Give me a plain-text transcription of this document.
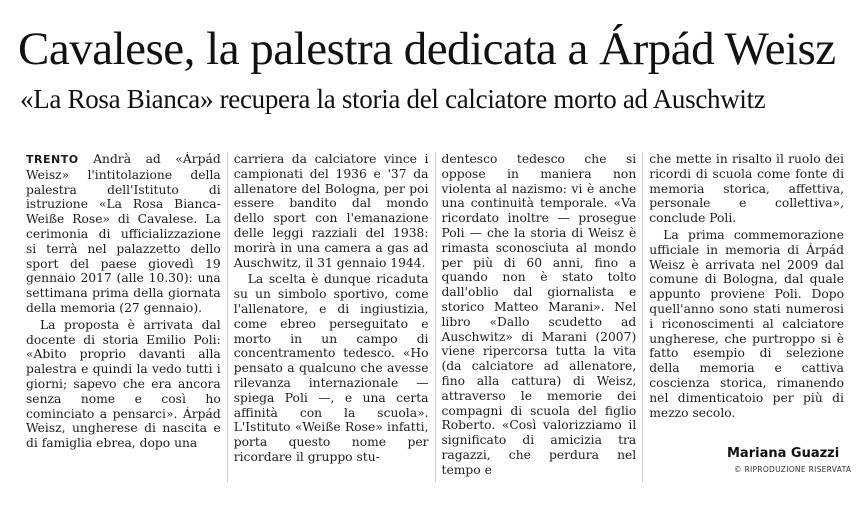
Cavalese, la palestra dedicata a Árpád Weisz
«La Rosa Bianca» recupera la storia del calciatore morto ad Auschwitz

TRENTO Andrà ad «Árpád Weisz» l'intitolazione della palestra dell'Istituto di istruzione «La Rosa Bianca-Weiße Rose» di Cavalese. La cerimonia di ufficializzazione si terrà nel palazzetto dello sport del paese giovedì 19 gennaio 2017 (alle 10.30): una settimana prima della giornata della memoria (27 gennaio).

La proposta è arrivata dal docente di storia Emilio Poli: «Abito proprio davanti alla palestra e quindi la vedo tutti i giorni; sapevo che era ancora senza nome e così ho cominciato a pensarci». Árpád Weisz, ungherese di nascita e di famiglia ebrea, dopo una

carriera da calciatore vince i campionati del 1936 e '37 da allenatore del Bologna, per poi essere bandito dal mondo dello sport con l'emanazione delle leggi razziali del 1938: morirà in una camera a gas ad Auschwitz, il 31 gennaio 1944.

La scelta è dunque ricaduta su un simbolo sportivo, come l'allenatore, e di ingiustizia, come ebreo perseguitato e morto in un campo di concentramento tedesco. «Ho pensato a qualcuno che avesse rilevanza internazionale — spiega Poli —, e una certa affinità con la scuola». L'Istituto «Weiße Rose» infatti, porta questo nome per ricordare il gruppo stu-

dentesco tedesco che si oppose in maniera non violenta al nazismo: vi è anche una continuità temporale. «Va ricordato inoltre — prosegue Poli — che la storia di Weisz è rimasta sconosciuta al mondo per più di 60 anni, fino a quando non è stato tolto dall'oblio dal giornalista e storico Matteo Marani». Nel libro «Dallo scudetto ad Auschwitz» di Marani (2007) viene ripercorsa tutta la vita (da calciatore ad allenatore, fino alla cattura) di Weisz, attraverso le memorie dei compagni di scuola del figlio Roberto. «Così valorizziamo il significato di amicizia tra ragazzi, che perdura nel tempo e

che mette in risalto il ruolo dei ricordi di scuola come fonte di memoria storica, affettiva, personale e collettiva», conclude Poli.

La prima commemorazione ufficiale in memoria di Árpád Weisz è arrivata nel 2009 dal comune di Bologna, dal quale appunto proviene Poli. Dopo quell'anno sono stati numerosi i riconoscimenti al calciatore ungherese, che purtroppo si è fatto esempio di selezione della memoria e cattiva coscienza storica, rimanendo nel dimenticatoio per più di mezzo secolo.

Mariana Guazzi
© RIPRODUZIONE RISERVATA
